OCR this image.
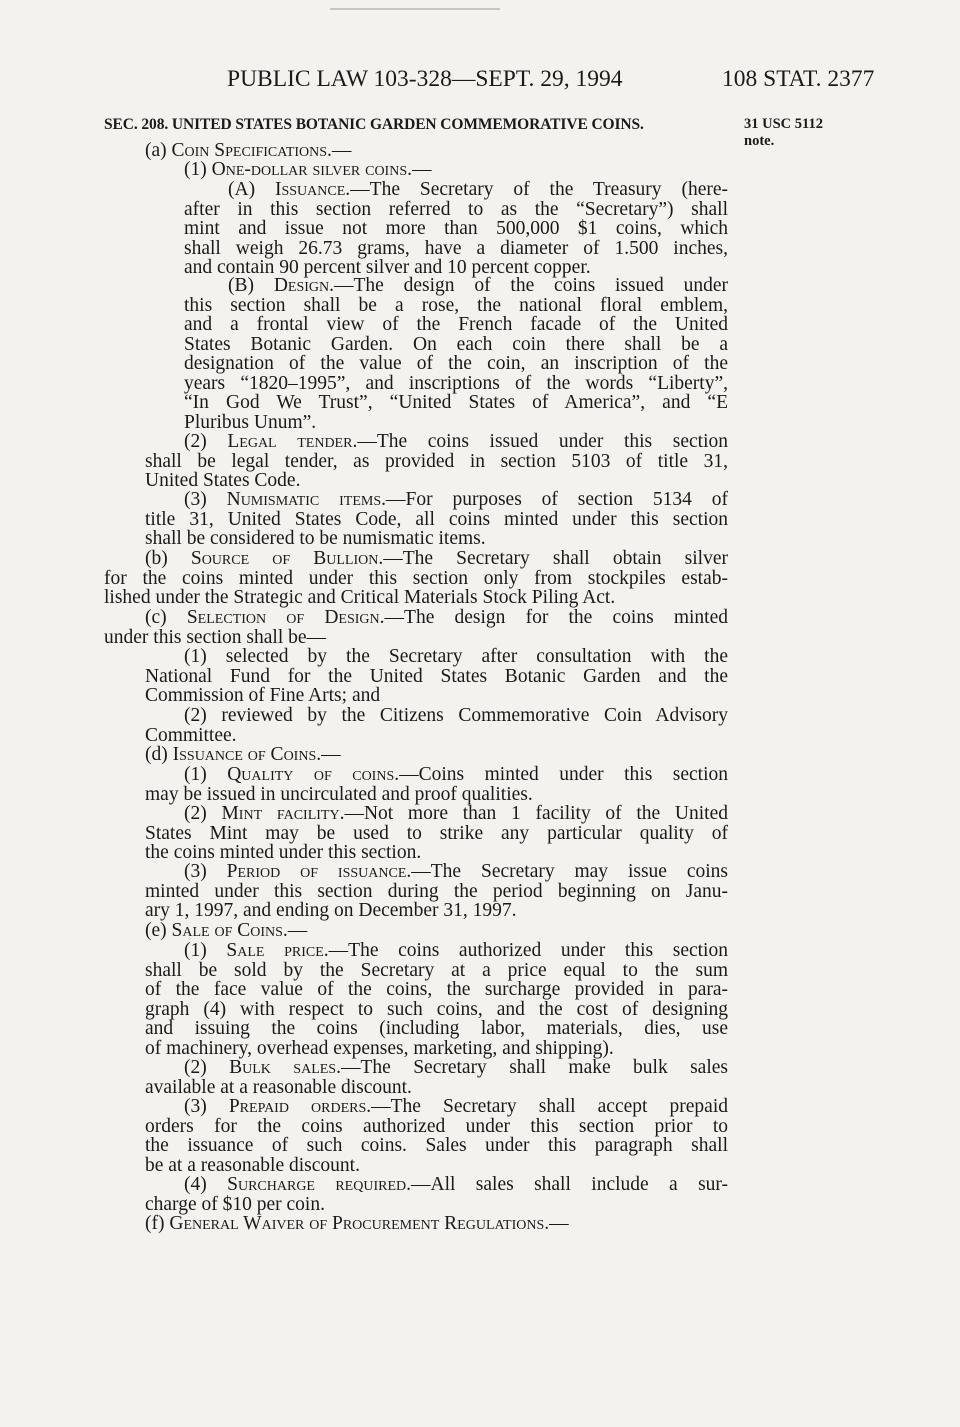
PUBLIC LAW 103-328—SEPT. 29, 1994	108 STAT. 2377
SEC. 208. UNITED STATES BOTANIC GARDEN COMMEMORATIVE COINS.	31 USC 5112
note.
(a) Coin Specifications.—
(1) One-dollar silver coins.—
(A) Issuance.—The Secretary of the Treasury (here-
after in this section referred to as the “Secretary”) shall
mint and issue not more than 500,000 $1 coins, which
shall weigh 26.73 grams, have a diameter of 1.500 inches,
and contain 90 percent silver and 10 percent copper.
(B) Design.—The design of the coins issued under
this section shall be a rose, the national floral emblem,
and a frontal view of the French facade of the United
States Botanic Garden. On each coin there shall be a
designation of the value of the coin, an inscription of the
years “1820–1995”, and inscriptions of the words “Liberty”,
“In God We Trust”, “United States of America”, and “E
Pluribus Unum”.
(2) Legal tender.—The coins issued under this section
shall be legal tender, as provided in section 5103 of title 31,
United States Code.
(3) Numismatic items.—For purposes of section 5134 of
title 31, United States Code, all coins minted under this section
shall be considered to be numismatic items.
(b) Source of Bullion.—The Secretary shall obtain silver
for the coins minted under this section only from stockpiles estab-
lished under the Strategic and Critical Materials Stock Piling Act.
(c) Selection of Design.—The design for the coins minted
under this section shall be—
(1) selected by the Secretary after consultation with the
National Fund for the United States Botanic Garden and the
Commission of Fine Arts; and
(2) reviewed by the Citizens Commemorative Coin Advisory
Committee.
(d) Issuance of Coins.—
(1) Quality of coins.—Coins minted under this section
may be issued in uncirculated and proof qualities.
(2) Mint facility.—Not more than 1 facility of the United
States Mint may be used to strike any particular quality of
the coins minted under this section.
(3) Period of issuance.—The Secretary may issue coins
minted under this section during the period beginning on Janu-
ary 1, 1997, and ending on December 31, 1997.
(e) Sale of Coins.—
(1) Sale price.—The coins authorized under this section
shall be sold by the Secretary at a price equal to the sum
of the face value of the coins, the surcharge provided in para-
graph (4) with respect to such coins, and the cost of designing
and issuing the coins (including labor, materials, dies, use
of machinery, overhead expenses, marketing, and shipping).
(2) Bulk sales.—The Secretary shall make bulk sales
available at a reasonable discount.
(3) Prepaid orders.—The Secretary shall accept prepaid
orders for the coins authorized under this section prior to
the issuance of such coins. Sales under this paragraph shall
be at a reasonable discount.
(4) Surcharge required.—All sales shall include a sur-
charge of $10 per coin.
(f) General Waiver of Procurement Regulations.—
